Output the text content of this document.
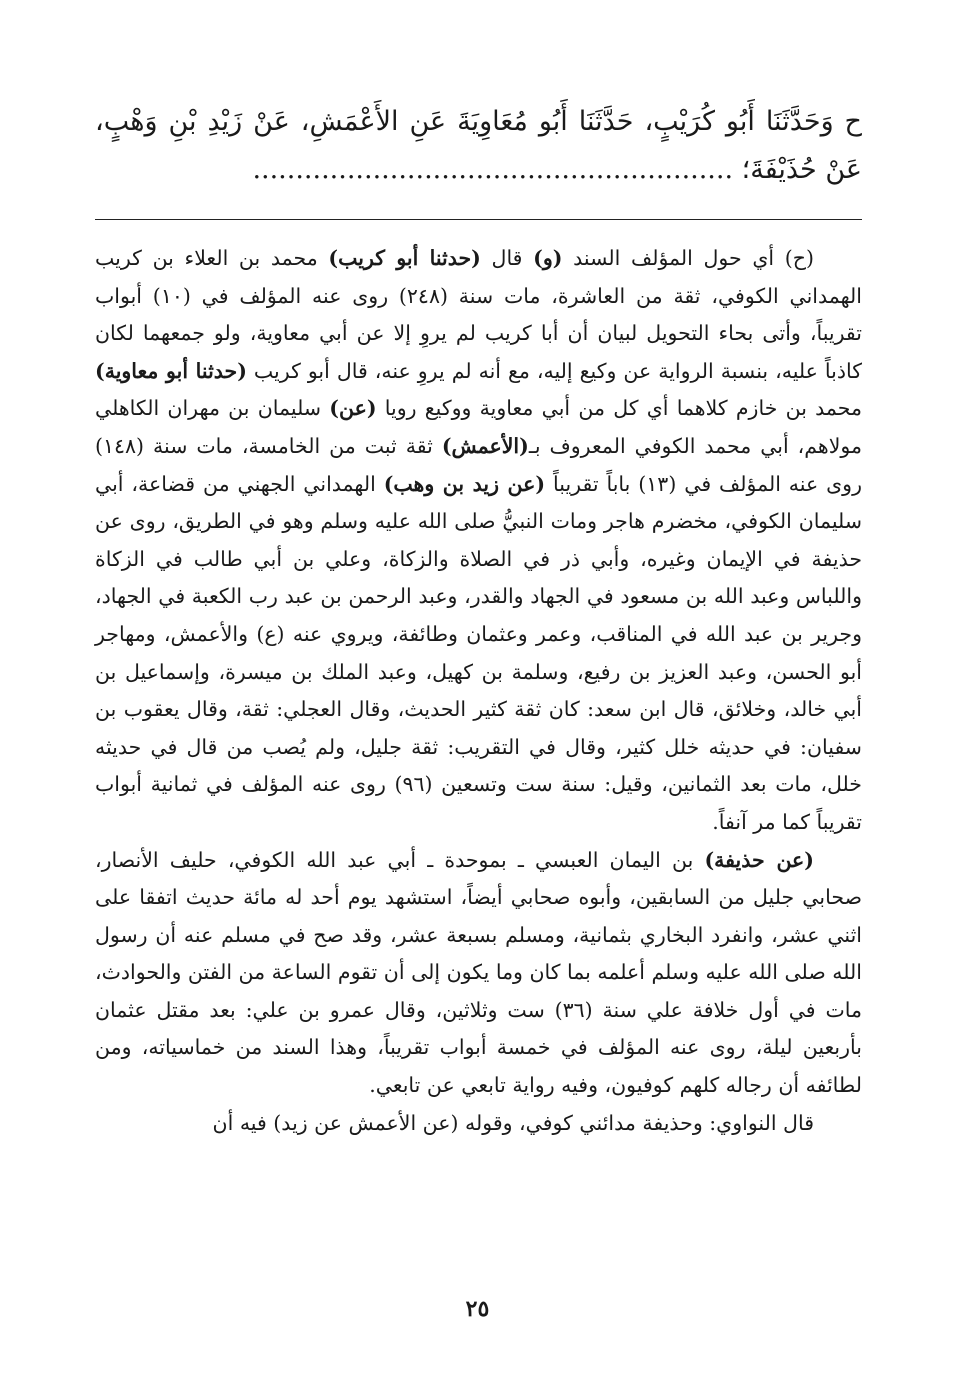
ح وَحَدَّثَنَا أَبُو كُرَيْبٍ، حَدَّثَنَا أَبُو مُعَاوِيَةَ عَنِ الأَعْمَشِ، عَنْ زَيْدِ بْنِ وَهْبٍ، عَنْ حُذَيْفَةَ؛ ........................................................

(ح) أي حول المؤلف السند (و) قال (حدثنا أبو كريب) محمد بن العلاء بن كريب الهمداني الكوفي، ثقة من العاشرة، مات سنة (٢٤٨) روى عنه المؤلف في (١٠) أبواب تقريباً، وأتى بحاء التحويل لبيان أن أبا كريب لم يروِ إلا عن أبي معاوية، ولو جمعهما لكان كاذباً عليه، بنسبة الرواية عن وكيع إليه، مع أنه لم يروِ عنه، قال أبو كريب (حدثنا أبو معاوية) محمد بن خازم كلاهما أي كل من أبي معاوية ووكيع رويا (عن) سليمان بن مهران الكاهلي مولاهم، أبي محمد الكوفي المعروف بـ(الأعمش) ثقة ثبت من الخامسة، مات سنة (١٤٨) روى عنه المؤلف في (١٣) باباً تقريباً (عن زيد بن وهب) الهمداني الجهني من قضاعة، أبي سليمان الكوفي، مخضرم هاجر ومات النبيُّ صلى الله عليه وسلم وهو في الطريق، روى عن حذيفة في الإيمان وغيره، وأبي ذر في الصلاة والزكاة، وعلي بن أبي طالب في الزكاة واللباس وعبد الله بن مسعود في الجهاد والقدر، وعبد الرحمن بن عبد رب الكعبة في الجهاد، وجرير بن عبد الله في المناقب، وعمر وعثمان وطائفة، ويروي عنه (ع) والأعمش، ومهاجر أبو الحسن، وعبد العزيز بن رفيع، وسلمة بن كهيل، وعبد الملك بن ميسرة، وإسماعيل بن أبي خالد، وخلائق، قال ابن سعد: كان ثقة كثير الحديث، وقال العجلي: ثقة، وقال يعقوب بن سفيان: في حديثه خلل كثير، وقال في التقريب: ثقة جليل، ولم يُصب من قال في حديثه خلل، مات بعد الثمانين، وقيل: سنة ست وتسعين (٩٦) روى عنه المؤلف في ثمانية أبواب تقريباً كما مر آنفاً.

(عن حذيفة) بن اليمان العبسي ـ بموحدة ـ أبي عبد الله الكوفي، حليف الأنصار، صحابي جليل من السابقين، وأبوه صحابي أيضاً، استشهد يوم أحد له مائة حديث اتفقا على اثني عشر، وانفرد البخاري بثمانية، ومسلم بسبعة عشر، وقد صح في مسلم عنه أن رسول الله صلى الله عليه وسلم أعلمه بما كان وما يكون إلى أن تقوم الساعة من الفتن والحوادث، مات في أول خلافة علي سنة (٣٦) ست وثلاثين، وقال عمرو بن علي: بعد مقتل عثمان بأربعين ليلة، روى عنه المؤلف في خمسة أبواب تقريباً، وهذا السند من خماسياته، ومن لطائفه أن رجاله كلهم كوفيون، وفيه رواية تابعي عن تابعي.

قال النواوي: وحذيفة مدائني كوفي، وقوله (عن الأعمش عن زيد) فيه أن

٢٥
